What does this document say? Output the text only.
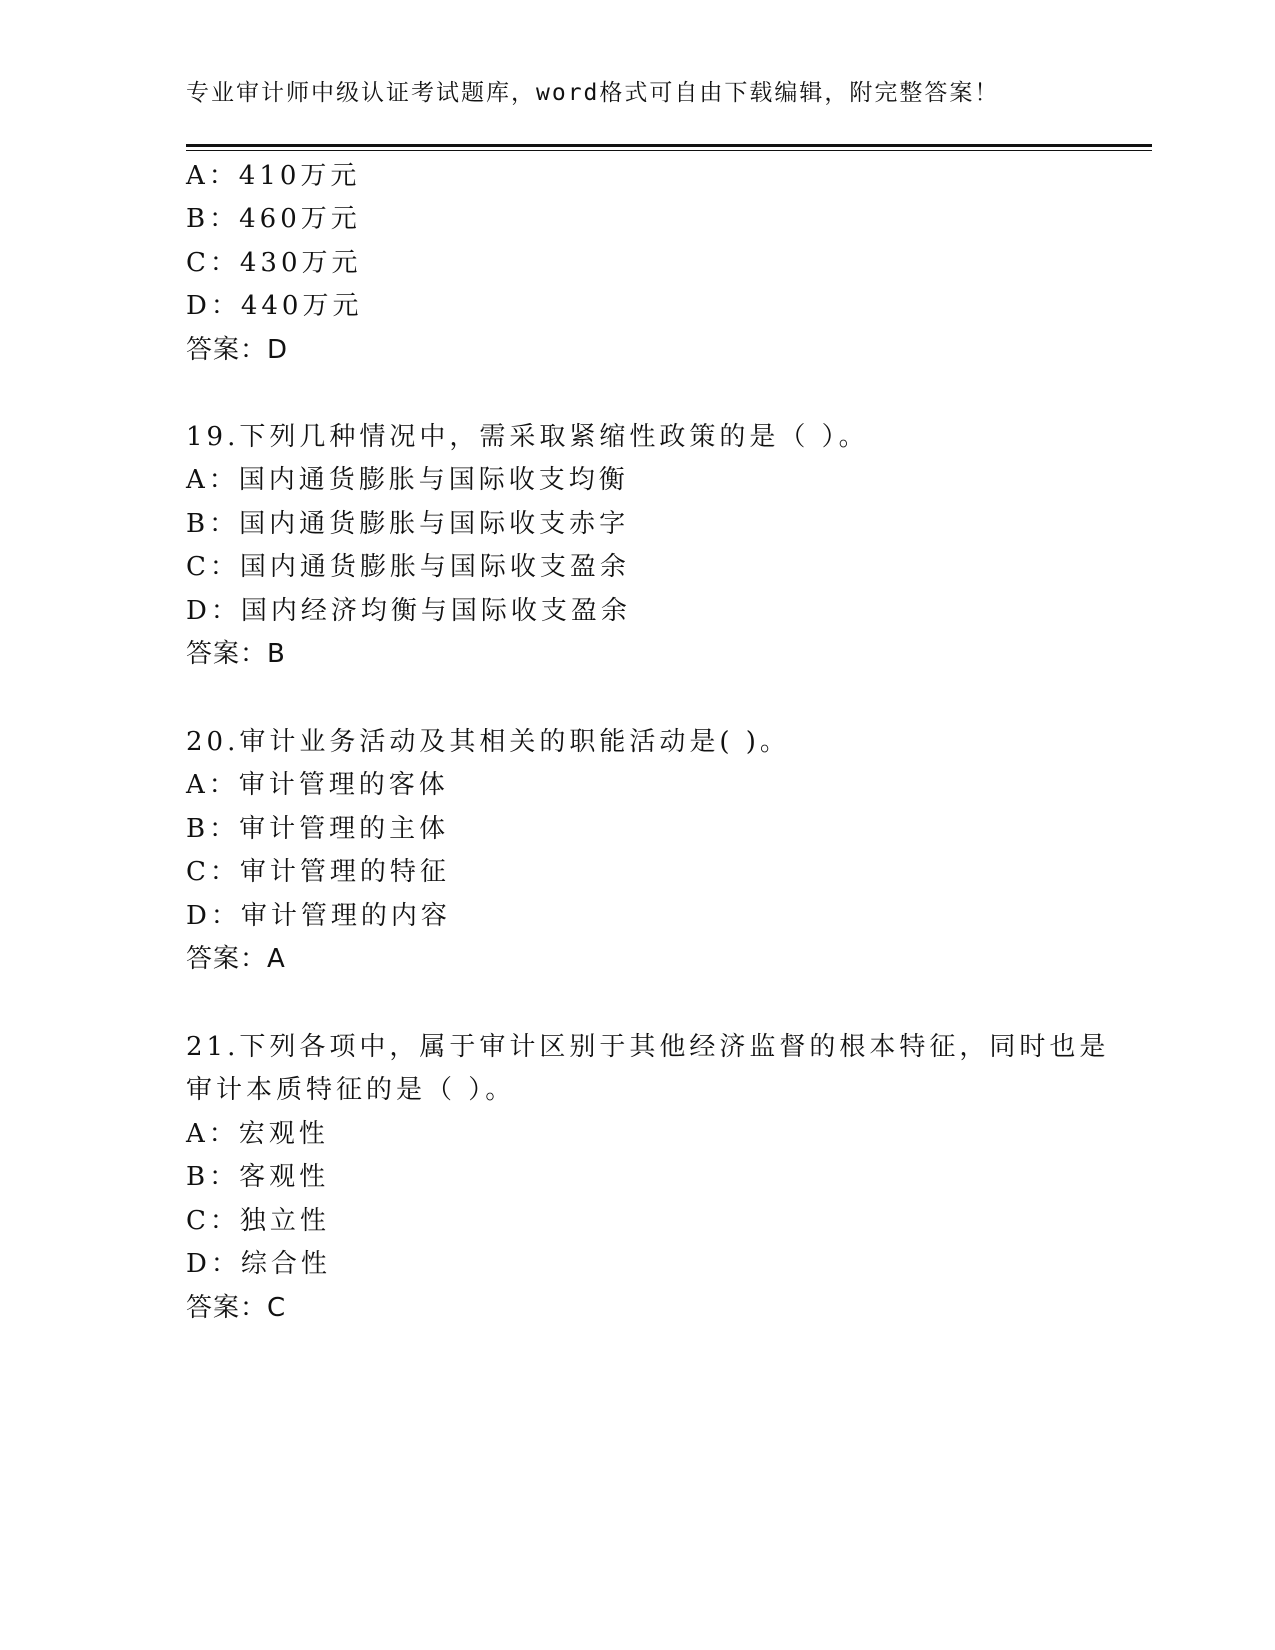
专业审计师中级认证考试题库，word格式可自由下载编辑，附完整答案！
A：410万元
B：460万元
C：430万元
D：440万元
答案：D
19.下列几种情况中，需采取紧缩性政策的是（ ）。
A：国内通货膨胀与国际收支均衡
B：国内通货膨胀与国际收支赤字
C：国内通货膨胀与国际收支盈余
D：国内经济均衡与国际收支盈余
答案：B
20.审计业务活动及其相关的职能活动是( )。
A：审计管理的客体
B：审计管理的主体
C：审计管理的特征
D：审计管理的内容
答案：A
21.下列各项中，属于审计区别于其他经济监督的根本特征，同时也是
审计本质特征的是（ ）。
A：宏观性
B：客观性
C：独立性
D：综合性
答案：C
